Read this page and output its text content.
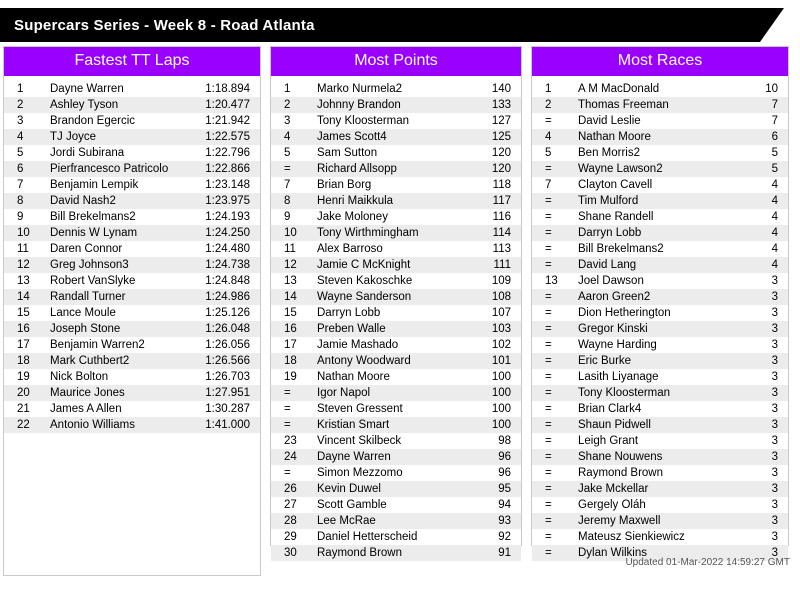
Supercars Series - Week 8 - Road Atlanta
Fastest TT Laps
1	Dayne Warren	1:18.894
2	Ashley Tyson	1:20.477
3	Brandon Egercic	1:21.942
4	TJ Joyce	1:22.575
5	Jordi Subirana	1:22.796
6	Pierfrancesco Patricolo	1:22.866
7	Benjamin Lempik	1:23.148
8	David Nash2	1:23.975
9	Bill Brekelmans2	1:24.193
10	Dennis W Lynam	1:24.250
11	Daren Connor	1:24.480
12	Greg Johnson3	1:24.738
13	Robert VanSlyke	1:24.848
14	Randall Turner	1:24.986
15	Lance Moule	1:25.126
16	Joseph Stone	1:26.048
17	Benjamin Warren2	1:26.056
18	Mark Cuthbert2	1:26.566
19	Nick Bolton	1:26.703
20	Maurice Jones	1:27.951
21	James A Allen	1:30.287
22	Antonio Williams	1:41.000
Most Points
1	Marko Nurmela2	140
2	Johnny Brandon	133
3	Tony Kloosterman	127
4	James Scott4	125
5	Sam Sutton	120
=	Richard Allsopp	120
7	Brian Borg	118
8	Henri Maikkula	117
9	Jake Moloney	116
10	Tony Wirthmingham	114
11	Alex Barroso	113
12	Jamie C McKnight	111
13	Steven Kakoschke	109
14	Wayne Sanderson	108
15	Darryn Lobb	107
16	Preben Walle	103
17	Jamie Mashado	102
18	Antony Woodward	101
19	Nathan Moore	100
=	Igor Napol	100
=	Steven Gressent	100
=	Kristian Smart	100
23	Vincent Skilbeck	98
24	Dayne Warren	96
=	Simon Mezzomo	96
26	Kevin Duwel	95
27	Scott Gamble	94
28	Lee McRae	93
29	Daniel Hetterscheid	92
30	Raymond Brown	91
Most Races
1	A M MacDonald	10
2	Thomas Freeman	7
=	David Leslie	7
4	Nathan Moore	6
5	Ben Morris2	5
=	Wayne Lawson2	5
7	Clayton Cavell	4
=	Tim Mulford	4
=	Shane Randell	4
=	Darryn Lobb	4
=	Bill Brekelmans2	4
=	David Lang	4
13	Joel Dawson	3
=	Aaron Green2	3
=	Dion Hetherington	3
=	Gregor Kinski	3
=	Wayne Harding	3
=	Eric Burke	3
=	Lasith Liyanage	3
=	Tony Kloosterman	3
=	Brian Clark4	3
=	Shaun Pidwell	3
=	Leigh Grant	3
=	Shane Nouwens	3
=	Raymond Brown	3
=	Jake Mckellar	3
=	Gergely Oláh	3
=	Jeremy Maxwell	3
=	Mateusz Sienkiewicz	3
=	Dylan Wilkins	3
Updated 01-Mar-2022 14:59:27 GMT
